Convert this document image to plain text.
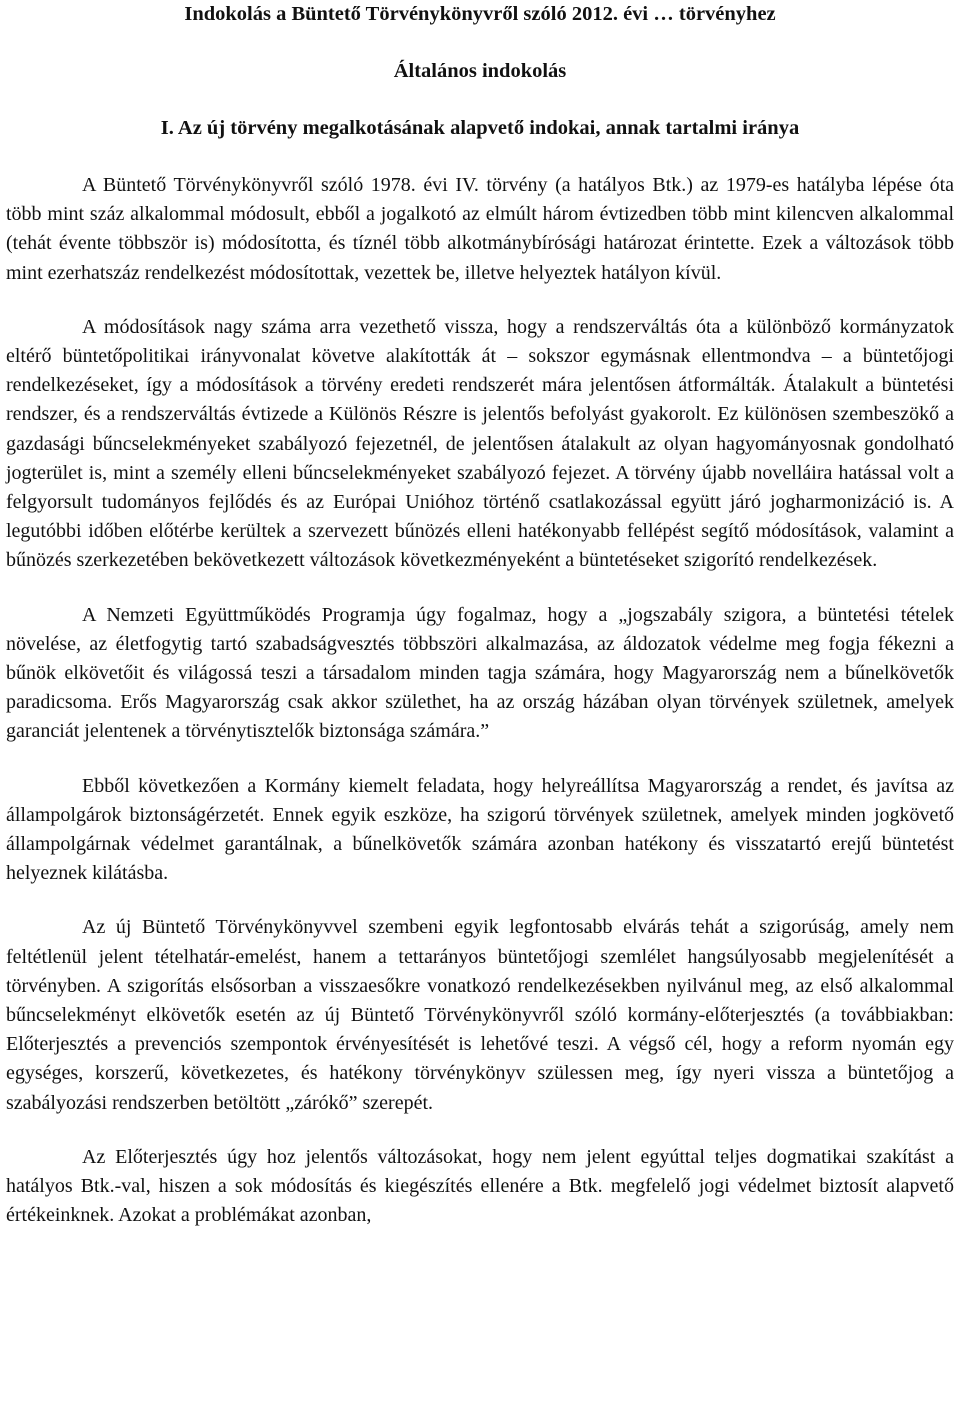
Indokolás a Büntető Törvénykönyvről szóló 2012. évi … törvényhez
Általános indokolás
I. Az új törvény megalkotásának alapvető indokai, annak tartalmi iránya

A Büntető Törvénykönyvről szóló 1978. évi IV. törvény (a hatályos Btk.) az 1979-es hatályba lépése óta több mint száz alkalommal módosult, ebből a jogalkotó az elmúlt három évtizedben több mint kilencven alkalommal (tehát évente többször is) módosította, és tíznél több alkotmánybírósági határozat érintette. Ezek a változások több mint ezerhatszáz rendelkezést módosítottak, vezettek be, illetve helyeztek hatályon kívül.

A módosítások nagy száma arra vezethető vissza, hogy a rendszerváltás óta a különböző kormányzatok eltérő büntetőpolitikai irányvonalat követve alakították át – sokszor egymásnak ellentmondva – a büntetőjogi rendelkezéseket, így a módosítások a törvény eredeti rendszerét mára jelentősen átformálták. Átalakult a büntetési rendszer, és a rendszerváltás évtizede a Különös Részre is jelentős befolyást gyakorolt. Ez különösen szembeszökő a gazdasági bűncselekményeket szabályozó fejezetnél, de jelentősen átalakult az olyan hagyományosnak gondolható jogterület is, mint a személy elleni bűncselekményeket szabályozó fejezet. A törvény újabb novelláira hatással volt a felgyorsult tudományos fejlődés és az Európai Unióhoz történő csatlakozással együtt járó jogharmonizáció is. A legutóbbi időben előtérbe kerültek a szervezett bűnözés elleni hatékonyabb fellépést segítő módosítások, valamint a bűnözés szerkezetében bekövetkezett változások következményeként a büntetéseket szigorító rendelkezések.

A Nemzeti Együttműködés Programja úgy fogalmaz, hogy a „jogszabály szigora, a büntetési tételek növelése, az életfogytig tartó szabadságvesztés többszöri alkalmazása, az áldozatok védelme meg fogja fékezni a bűnök elkövetőit és világossá teszi a társadalom minden tagja számára, hogy Magyarország nem a bűnelkövetők paradicsoma. Erős Magyarország csak akkor születhet, ha az ország házában olyan törvények születnek, amelyek garanciát jelentenek a törvénytisztelők biztonsága számára.”

Ebből következően a Kormány kiemelt feladata, hogy helyreállítsa Magyarország a rendet, és javítsa az állampolgárok biztonságérzetét. Ennek egyik eszköze, ha szigorú törvények születnek, amelyek minden jogkövető állampolgárnak védelmet garantálnak, a bűnelkövetők számára azonban hatékony és visszatartó erejű büntetést helyeznek kilátásba.

Az új Büntető Törvénykönyvvel szembeni egyik legfontosabb elvárás tehát a szigorúság, amely nem feltétlenül jelent tételhatár-emelést, hanem a tettarányos büntetőjogi szemlélet hangsúlyosabb megjelenítését a törvényben. A szigorítás elsősorban a visszaesőkre vonatkozó rendelkezésekben nyilvánul meg, az első alkalommal bűncselekményt elkövetők esetén az új Büntető Törvénykönyvről szóló kormány-előterjesztés (a továbbiakban: Előterjesztés a prevenciós szempontok érvényesítését is lehetővé teszi. A végső cél, hogy a reform nyomán egy egységes, korszerű, következetes, és hatékony törvénykönyv szülessen meg, így nyeri vissza a büntetőjog a szabályozási rendszerben betöltött „zárókő” szerepét.

Az Előterjesztés úgy hoz jelentős változásokat, hogy nem jelent egyúttal teljes dogmatikai szakítást a hatályos Btk.-val, hiszen a sok módosítás és kiegészítés ellenére a Btk. megfelelő jogi védelmet biztosít alapvető értékeinknek. Azokat a problémákat azonban,
